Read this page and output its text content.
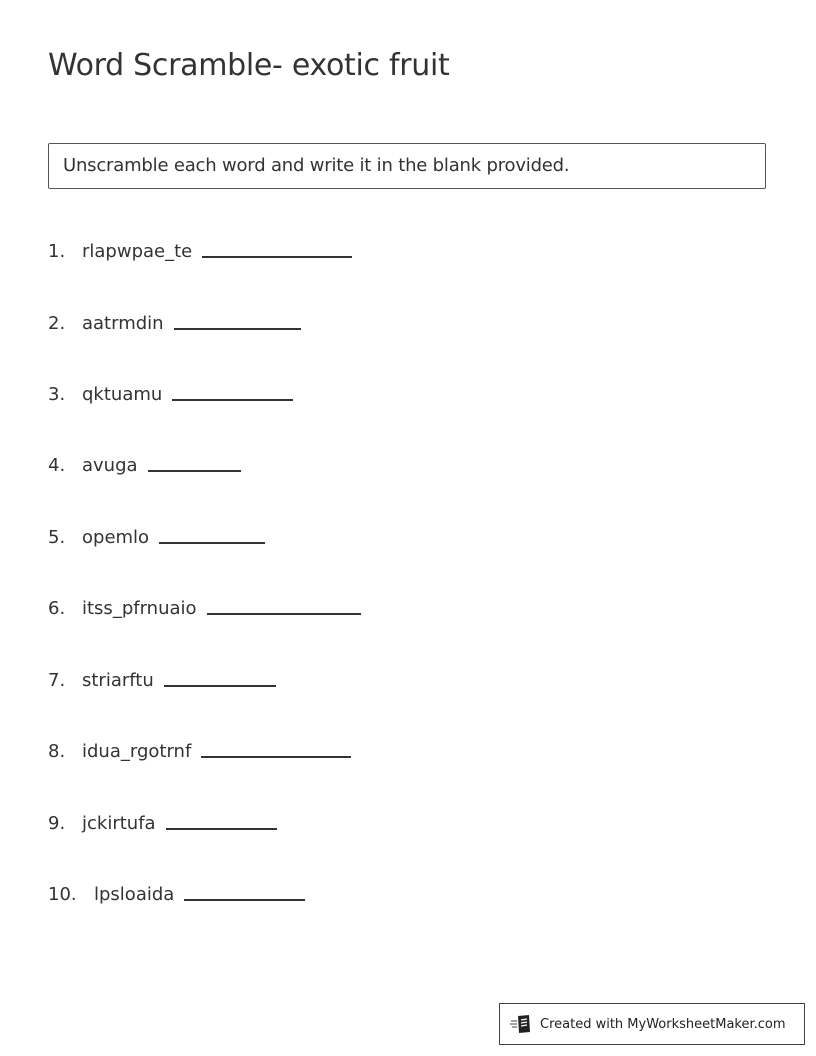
Word Scramble- exotic fruit
Unscramble each word and write it in the blank provided.
1. rlapwpae_te
2. aatrmdin
3. qktuamu
4. avuga
5. opemlo
6. itss_pfrnuaio
7. striarftu
8. idua_rgotrnf
9. jckirtufa
10. lpsloaida
Created with MyWorksheetMaker.com
